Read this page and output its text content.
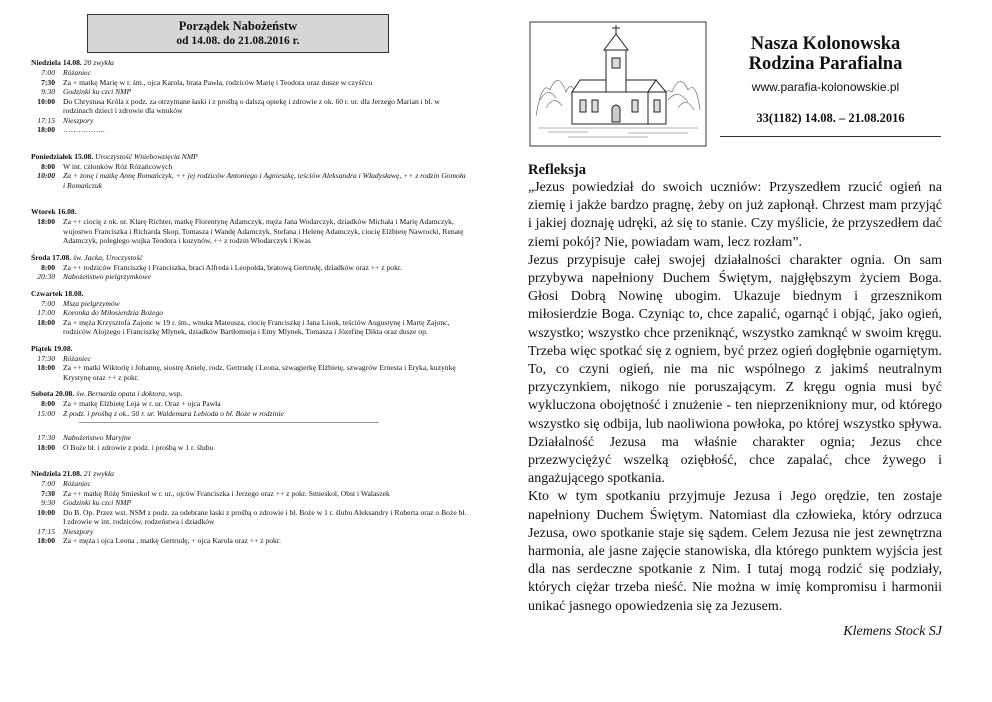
Porządek Nabożeństw
od 14.08. do 21.08.2016 r.
Niedziela 14.08. 20 zwykła
7:00	Różaniec
7:30	Za + matkę Marię w r. śm., ojca Karola, brata Pawła, rodziców Marię i Teodora oraz dusze w czyśćcu
9:30	Godzinki ku czci NMP
10:00	Do Chrystusa Króla z podz. za otrzymane łaski i z prośbą o dalszą opiekę i zdrowie z ok. 60 r. ur. dla Jerzego Marian i bł. w rodzinach dzieci i zdrowie dla wnuków
17:15	Nieszpory
18:00	……………..
Poniedziałek 15.08. Uroczystość Wniebowzięcia NMP
8:00	W int. członków Róż Różańcowych
10:00	Za + żonę i matkę Annę Romańczyk, ++ jej rodziców Antoniego i Agnieszkę, teściów Aleksandra i Władysławę, ++ z rodzin Gomoła i Romańczuk
Wtorek 16.08.
18:00	Za ++ ciocię z ok. ur. Klarę Richter, matkę Florentynę Adamczyk, męża Jana Wodarczyk, dziadków Michała i Marię Adamczyk, wujostwo Franciszka i Richarda Skop, Tomasza i Wandę Adamczyk, Stefana i Helenę Adamczyk, ciocię Elżbietę Nawrocki, Renatę Adamczyk, poległego wujka Teodora i kuzynów, ++ z rodzin Włodarczyk i Kwas
Środa 17.08. św. Jacka, Uroczystość
8:00	Za ++ rodziców Franciszkę i Franciszka, braci Alfreda i Leopolda, bratową Gertrudę, dziadków oraz ++ z pokr.
20:30	Nabożeństwo pielgrzymkowe
Czwartek 18.08.
7:00	Msza pielgrzymów
17:00	Koronka do Miłosierdzia Bożego
18:00	Za + męża Krzysztofa Zajonc w 19 r. śm., wnuka Mateusza, ciocię Franciszkę i Jana Lisok, teściów Augustynę i Martę Zajonc, rodziców Alojzego i Franciszkę Mlynek, dziadków Bartłomieja i Emy Mlynek, Tomasza i Józefinę Dikta oraz dusze op.
Piątek 19.08.
17:30	Różaniec
18:00	Za ++ matki Wiktorię i Johannę, siostrę Anielę, rodz. Gertrudę i Leona, szwagierkę Elżbietę, szwagrów Ernesta i Eryka, kuzynkę Krystynę oraz ++ z pokr.
Sobota 20.08. św. Bernarda opata i doktora, wsp.
8:00	Za + matkę Elżbietę Leja w r. ur. Oraz + ojca Pawła
15:00	Z podz. i prośbą z ok.. 50 r. ur. Waldemara Lebioda o bł. Boże w rodzinie
17:30	Nabożeństwo Maryjne
18:00	O Boże bł. i zdrowie z podz. i prośbą w 1 r. ślubu
Niedziela 21.08. 21 zwykła
7:00	Różaniec
7:30	Za ++ matkę Różę Smieskol w r. ur., ojców Franciszka i Jerzego oraz ++ z pokr. Smieskol, Obst i Walaszek
9:30	Godzinki ku czci NMP
10:00	Do B. Op. Przez wst. NSM z podz. za odebrane łaski z prośbą o zdrowie i bł. Boże w 1 r. ślubu Aleksandry i Roberta oraz o Boże bł. I zdrowie w int. rodziców, rodzeństwa i dziadków
17:15	Nieszpory
18:00	Za + męża i ojca Leona , matkę Gertrudę, + ojca Karola oraz ++ z pokr.
Nasza Kolonowska
Rodzina Parafialna
www.parafia-kolonowskie.pl
33(1182) 14.08. – 21.08.2016
Refleksja

„Jezus powiedział do swoich uczniów: Przyszedłem rzucić ogień na ziemię i jakże bardzo pragnę, żeby on już zapłonął. Chrzest mam przyjąć i jakiej doznaję udręki, aż się to stanie. Czy myślicie, że przyszedłem dać ziemi pokój? Nie, powiadam wam, lecz rozłam”.

Jezus przypisuje całej swojej działalności charakter ognia. On sam przybywa napełniony Duchem Świętym, najgłębszym życiem Boga. Głosi Dobrą Nowinę ubogim. Ukazuje biednym i grzesznikom miłosierdzie Boga. Czyniąc to, chce zapalić, ogarnąć i objąć, jako ogień, wszystko; wszystko chce przeniknąć, wszystko zamknąć w swoim kręgu. Trzeba więc spotkać się z ogniem, być przez ogień dogłębnie ogarniętym. To, co czyni ogień, nie ma nic wspólnego z jakimś neutralnym przyczynkiem, nikogo nie poruszającym. Z kręgu ognia musi być wykluczona obojętność i znużenie - ten nieprzenikniony mur, od którego wszystko się odbija, lub naoliwiona powłoka, po której wszystko spływa. Działalność Jezusa ma właśnie charakter ognia; Jezus chce przezwyciężyć wszelką oziębłość, chce zapalać, chce żywego i angażującego spotkania.

Kto w tym spotkaniu przyjmuje Jezusa i Jego orędzie, ten zostaje napełniony Duchem Świętym. Natomiast dla człowieka, który odrzuca Jezusa, owo spotkanie staje się sądem. Celem Jezusa nie jest zewnętrzna harmonia, ale jasne zajęcie stanowiska, dla którego punktem wyjścia jest dla nas serdeczne spotkanie z Nim. I tutaj mogą rodzić się podziały, których ciężar trzeba nieść. Nie można w imię kompromisu i harmonii unikać jasnego opowiedzenia się za Jezusem.

Klemens Stock SJ
